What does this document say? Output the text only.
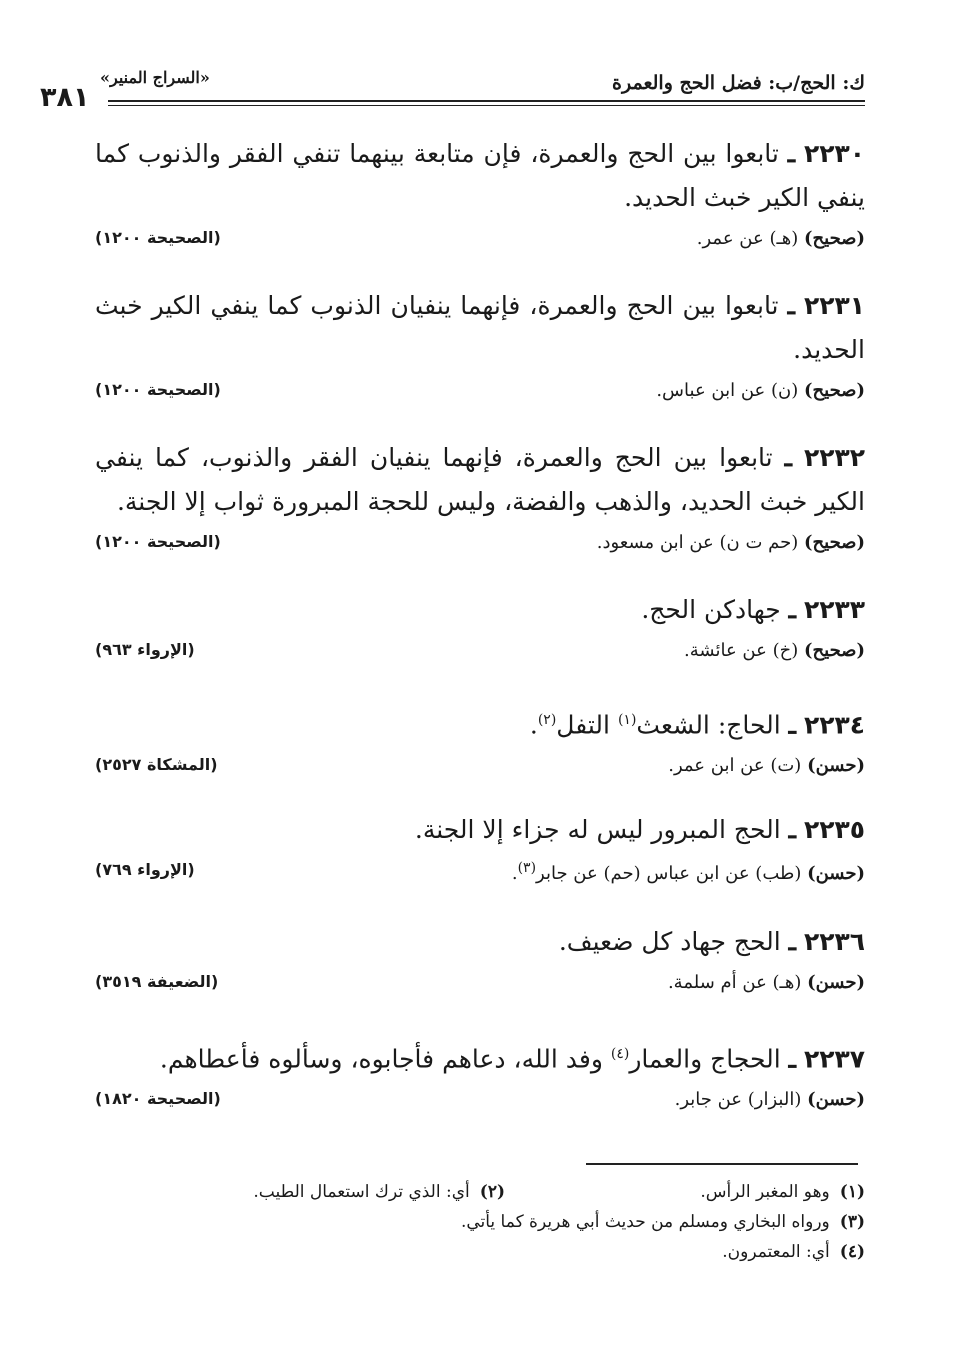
ك: الحج/ب: فضل الحج والعمرة
«السراج المنير»
٣٨١

٢٢٣٠ ـ تابعوا بين الحج والعمرة، فإن متابعة بينهما تنفي الفقر والذنوب كما ينفي الكير خبث الحديد.

(صحيح) (هـ) عن عمر.
(الصحيحة ١٢٠٠)

٢٢٣١ ـ تابعوا بين الحج والعمرة، فإنهما ينفيان الذنوب كما ينفي الكير خبث الحديد.

(صحيح) (ن) عن ابن عباس.
(الصحيحة ١٢٠٠)

٢٢٣٢ ـ تابعوا بين الحج والعمرة، فإنهما ينفيان الفقر والذنوب، كما ينفي الكير خبث الحديد، والذهب والفضة، وليس للحجة المبرورة ثواب إلا الجنة.

(صحيح) (حم ت ن) عن ابن مسعود.
(الصحيحة ١٢٠٠)

٢٢٣٣ ـ جهادكن الحج.

(صحيح) (خ) عن عائشة.
(الإرواء ٩٦٣)

٢٢٣٤ ـ الحاج: الشعث$^{(١)}$ التفل$^{(٢)}$.

(حسن) (ت) عن ابن عمر.
(المشكاة ٢٥٢٧)

٢٢٣٥ ـ الحج المبرور ليس له جزاء إلا الجنة.

(حسن) (طب) عن ابن عباس (حم) عن جابر$^{(٣)}$.
(الإرواء ٧٦٩)

٢٢٣٦ ـ الحج جهاد كل ضعيف.

(حسن) (هـ) عن أم سلمة.
(الضعيفة ٣٥١٩)

٢٢٣٧ ـ الحجاج والعمار$^{(٤)}$ وفد الله، دعاهم فأجابوه، وسألوه فأعطاهم.

(حسن) (البزار) عن جابر.
(الصحيحة ١٨٢٠)
(١)وهو المغبر الرأس.
(٢)أي: الذي ترك استعمال الطيب.
(٣)ورواه البخاري ومسلم من حديث أبي هريرة كما يأتي.
(٤)أي: المعتمرون.
